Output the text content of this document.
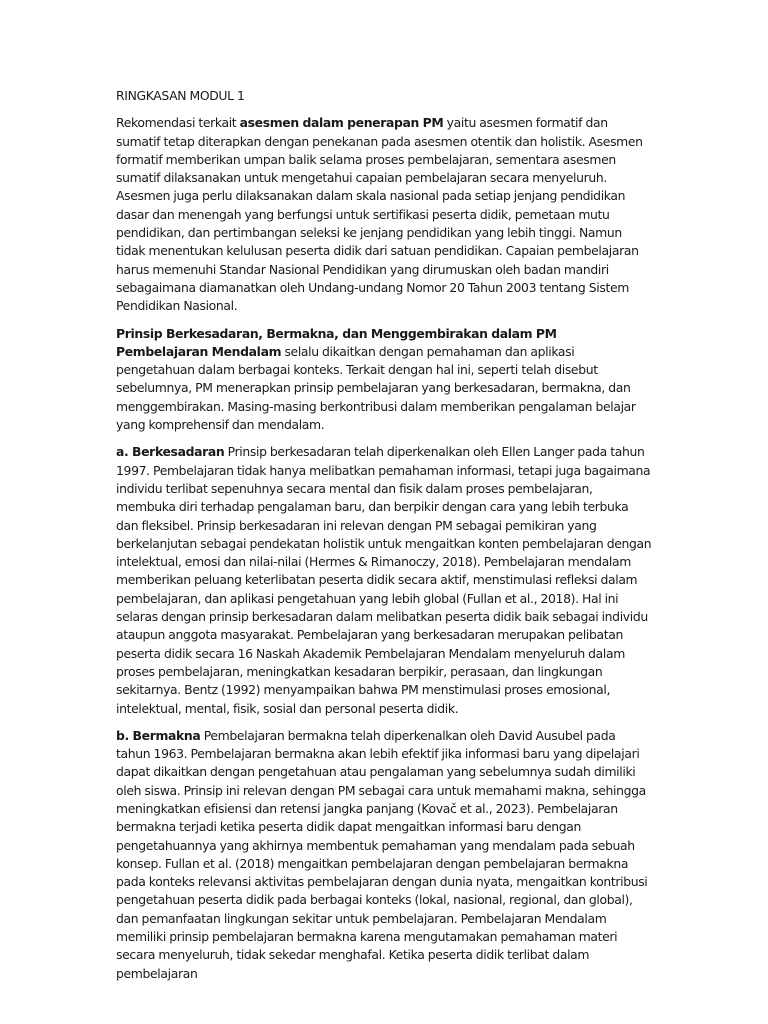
RINGKASAN MODUL 1

Rekomendasi terkait asesmen dalam penerapan PM yaitu asesmen formatif dan sumatif tetap diterapkan dengan penekanan pada asesmen otentik dan holistik. Asesmen formatif memberikan umpan balik selama proses pembelajaran, sementara asesmen sumatif dilaksanakan untuk mengetahui capaian pembelajaran secara menyeluruh. Asesmen juga perlu dilaksanakan dalam skala nasional pada setiap jenjang pendidikan dasar dan menengah yang berfungsi untuk sertifikasi peserta didik, pemetaan mutu pendidikan, dan pertimbangan seleksi ke jenjang pendidikan yang lebih tinggi. Namun tidak menentukan kelulusan peserta didik dari satuan pendidikan. Capaian pembelajaran harus memenuhi Standar Nasional Pendidikan yang dirumuskan oleh badan mandiri sebagaimana diamanatkan oleh Undang-undang Nomor 20 Tahun 2003 tentang Sistem Pendidikan Nasional.

Prinsip Berkesadaran, Bermakna, dan Menggembirakan dalam PM Pembelajaran Mendalam selalu dikaitkan dengan pemahaman dan aplikasi pengetahuan dalam berbagai konteks. Terkait dengan hal ini, seperti telah disebut sebelumnya, PM menerapkan prinsip pembelajaran yang berkesadaran, bermakna, dan menggembirakan. Masing-masing berkontribusi dalam memberikan pengalaman belajar yang komprehensif dan mendalam.

a. Berkesadaran Prinsip berkesadaran telah diperkenalkan oleh Ellen Langer pada tahun 1997. Pembelajaran tidak hanya melibatkan pemahaman informasi, tetapi juga bagaimana individu terlibat sepenuhnya secara mental dan fisik dalam proses pembelajaran, membuka diri terhadap pengalaman baru, dan berpikir dengan cara yang lebih terbuka dan fleksibel. Prinsip berkesadaran ini relevan dengan PM sebagai pemikiran yang berkelanjutan sebagai pendekatan holistik untuk mengaitkan konten pembelajaran dengan intelektual, emosi dan nilai-nilai (Hermes & Rimanoczy, 2018). Pembelajaran mendalam memberikan peluang keterlibatan peserta didik secara aktif, menstimulasi refleksi dalam pembelajaran, dan aplikasi pengetahuan yang lebih global (Fullan et al., 2018). Hal ini selaras dengan prinsip berkesadaran dalam melibatkan peserta didik baik sebagai individu ataupun anggota masyarakat. Pembelajaran yang berkesadaran merupakan pelibatan peserta didik secara 16 Naskah Akademik Pembelajaran Mendalam menyeluruh dalam proses pembelajaran, meningkatkan kesadaran berpikir, perasaan, dan lingkungan sekitarnya. Bentz (1992) menyampaikan bahwa PM menstimulasi proses emosional, intelektual, mental, fisik, sosial dan personal peserta didik.

b. Bermakna Pembelajaran bermakna telah diperkenalkan oleh David Ausubel pada tahun 1963. Pembelajaran bermakna akan lebih efektif jika informasi baru yang dipelajari dapat dikaitkan dengan pengetahuan atau pengalaman yang sebelumnya sudah dimiliki oleh siswa. Prinsip ini relevan dengan PM sebagai cara untuk memahami makna, sehingga meningkatkan efisiensi dan retensi jangka panjang (Kovač et al., 2023). Pembelajaran bermakna terjadi ketika peserta didik dapat mengaitkan informasi baru dengan pengetahuannya yang akhirnya membentuk pemahaman yang mendalam pada sebuah konsep. Fullan et al. (2018) mengaitkan pembelajaran dengan pembelajaran bermakna pada konteks relevansi aktivitas pembelajaran dengan dunia nyata, mengaitkan kontribusi pengetahuan peserta didik pada berbagai konteks (lokal, nasional, regional, dan global), dan pemanfaatan lingkungan sekitar untuk pembelajaran. Pembelajaran Mendalam memiliki prinsip pembelajaran bermakna karena mengutamakan pemahaman materi secara menyeluruh, tidak sekedar menghafal. Ketika peserta didik terlibat dalam pembelajaran
